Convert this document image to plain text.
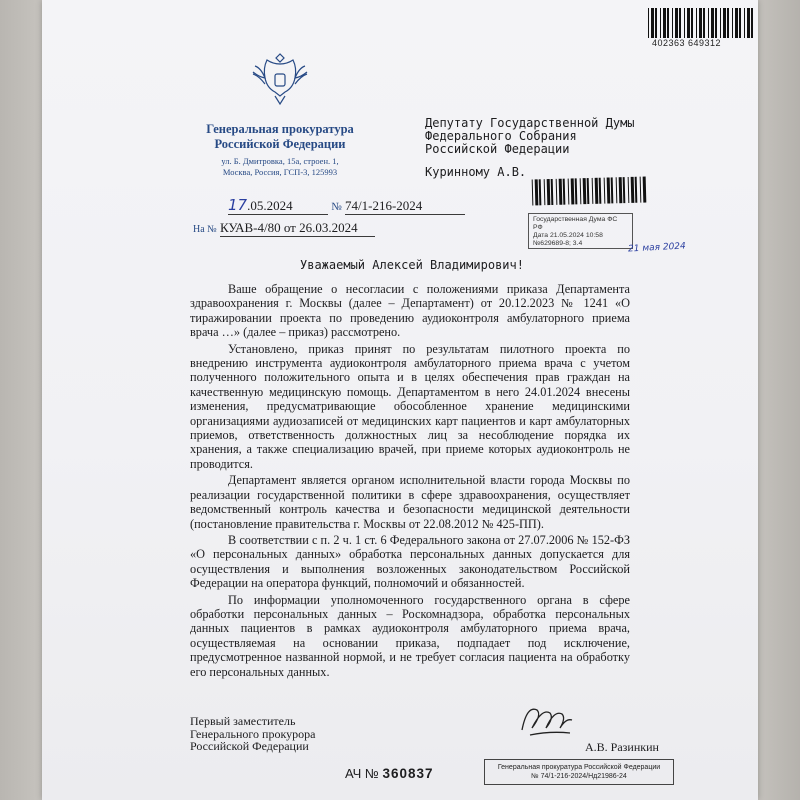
402363 649312
Генеральная прокуратура
Российской Федерации
ул. Б. Дмитровка, 15а, строен. 1,
Москва, Россия, ГСП-3, 125993
17.05.2024	№ 74/1-216-2024
На № КУАВ-4/80 от 26.03.2024
Депутату Государственной Думы
Федерального Собрания
Российской Федерации
Куринному А.В.
Государственная Дума ФС РФ
Дата 21.05.2024 10:58
№629689-8; 3.4	21 мая 2024
Уважаемый Алексей Владимирович!

Ваше обращение о несогласии с положениями приказа Департамента здравоохранения г. Москвы (далее – Департамент) от 20.12.2023 № 1241 «О тиражировании проекта по проведению аудиоконтроля амбулаторного приема врача …» (далее – приказ) рассмотрено.

Установлено, приказ принят по результатам пилотного проекта по внедрению инструмента аудиоконтроля амбулаторного приема врача с учетом полученного положительного опыта и в целях обеспечения прав граждан на качественную медицинскую помощь. Департаментом в него 24.01.2024 внесены изменения, предусматривающие обособленное хранение медицинскими организациями аудиозаписей от медицинских карт пациентов и карт амбулаторных приемов, ответственность должностных лиц за несоблюдение порядка их хранения, а также специализацию врачей, при приеме которых аудиоконтроль не проводится.

Департамент является органом исполнительной власти города Москвы по реализации государственной политики в сфере здравоохранения, осуществляет ведомственный контроль качества и безопасности медицинской деятельности (постановление правительства г. Москвы от 22.08.2012 № 425-ПП).

В соответствии с п. 2 ч. 1 ст. 6 Федерального закона от 27.07.2006 № 152-ФЗ «О персональных данных» обработка персональных данных допускается для осуществления и выполнения возложенных законодательством Российской Федерации на оператора функций, полномочий и обязанностей.

По информации уполномоченного государственного органа в сфере обработки персональных данных – Роскомнадзора, обработка персональных данных пациентов в рамках аудиоконтроля амбулаторного приема врача, осуществляемая на основании приказа, подпадает под исключение, предусмотренное названной нормой, и не требует согласия пациента на обработку его персональных данных.

Первый заместитель
Генерального прокурора
Российской Федерации	А.В. Разинкин
АЧ № 360837	Генеральная прокуратура Российской Федерации
№ 74/1-216-2024/Нд21986-24
